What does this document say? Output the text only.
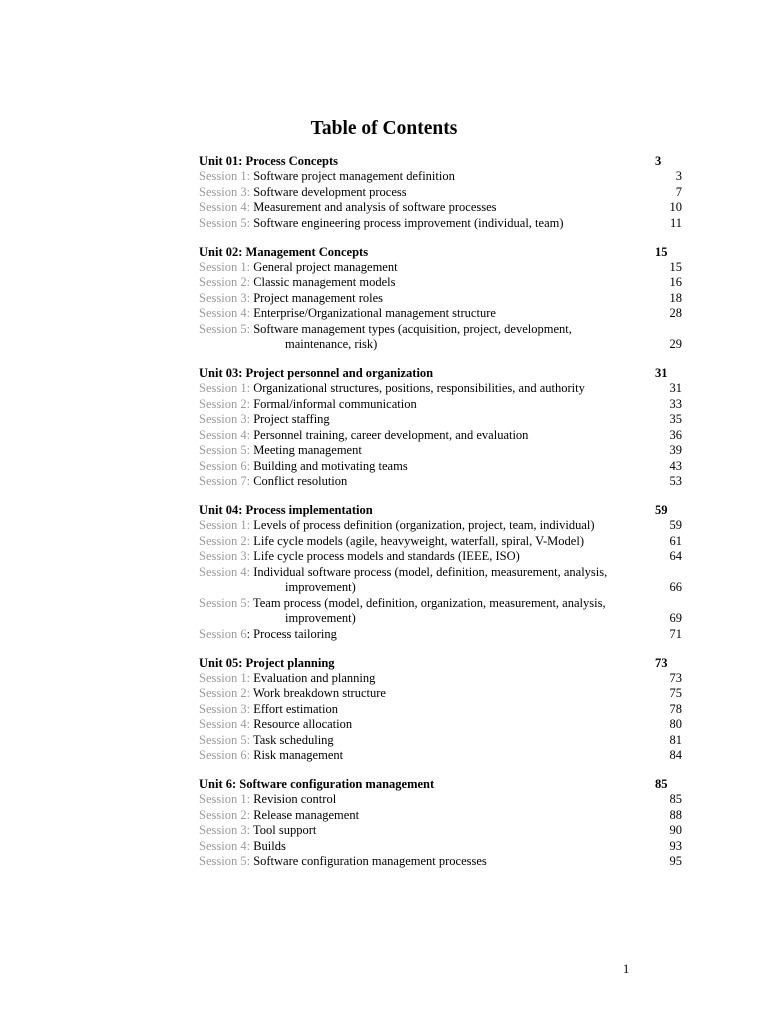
Table of Contents
Unit 01: Process Concepts	3
Session 1: Software project management definition	3
Session 3: Software development process	7
Session 4: Measurement and analysis of software processes	10
Session 5: Software engineering process improvement (individual, team)	11
Unit 02: Management Concepts	15
Session 1: General project management	15
Session 2: Classic management models	16
Session 3: Project management roles	18
Session 4: Enterprise/Organizational management structure	28
Session 5: Software management types (acquisition, project, development,
maintenance, risk)	29
Unit 03: Project personnel and organization	31
Session 1: Organizational structures, positions, responsibilities, and authority	31
Session 2: Formal/informal communication	33
Session 3: Project staffing	35
Session 4: Personnel training, career development, and evaluation	36
Session 5: Meeting management	39
Session 6: Building and motivating teams	43
Session 7: Conflict resolution	53
Unit 04: Process implementation	59
Session 1: Levels of process definition (organization, project, team, individual)	59
Session 2: Life cycle models (agile, heavyweight, waterfall, spiral, V-Model)	61
Session 3: Life cycle process models and standards (IEEE, ISO)	64
Session 4: Individual software process (model, definition, measurement, analysis,
improvement)	66
Session 5: Team process (model, definition, organization, measurement, analysis,
improvement)	69
Session 6: Process tailoring	71
Unit 05: Project planning	73
Session 1: Evaluation and planning	73
Session 2: Work breakdown structure	75
Session 3: Effort estimation	78
Session 4: Resource allocation	80
Session 5: Task scheduling	81
Session 6: Risk management	84
Unit 6: Software configuration management	85
Session 1: Revision control	85
Session 2: Release management	88
Session 3: Tool support	90
Session 4: Builds	93
Session 5: Software configuration management processes	95
1
